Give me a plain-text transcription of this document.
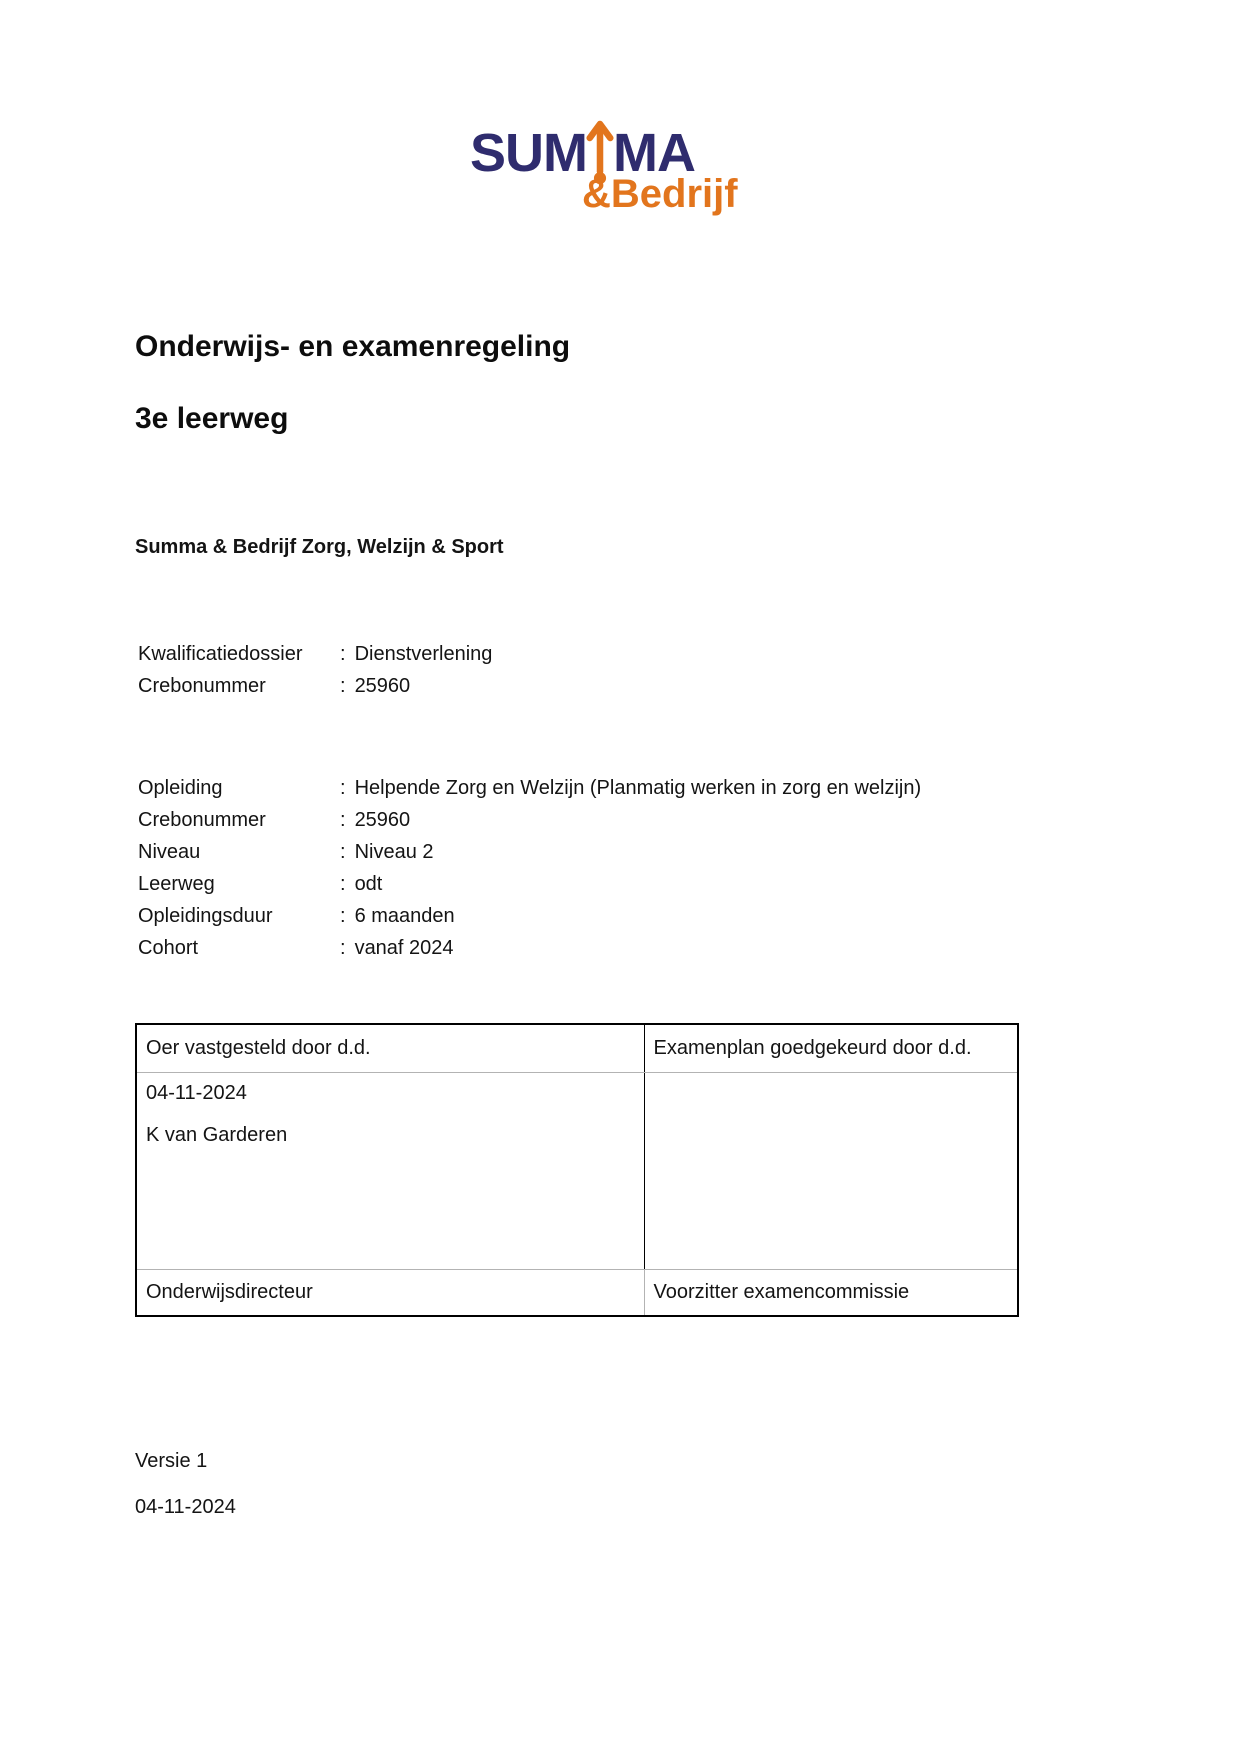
SUM MA
&Bedrijf
Onderwijs- en examenregeling
3e leerweg
Summa & Bedrijf Zorg, Welzijn & Sport
Kwalificatiedossier	: Dienstverlening
Crebonummer	: 25960
Opleiding	: Helpende Zorg en Welzijn (Planmatig werken in zorg en welzijn)
Crebonummer	: 25960
Niveau	: Niveau 2
Leerweg	: odt
Opleidingsduur	: 6 maanden
Cohort	: vanaf 2024
Oer vastgesteld door d.d.	Examenplan goedgekeurd door d.d.

04-11-2024

K van Garderen	

Onderwijsdirecteur	Voorzitter examencommissie
Versie 1
04-11-2024
